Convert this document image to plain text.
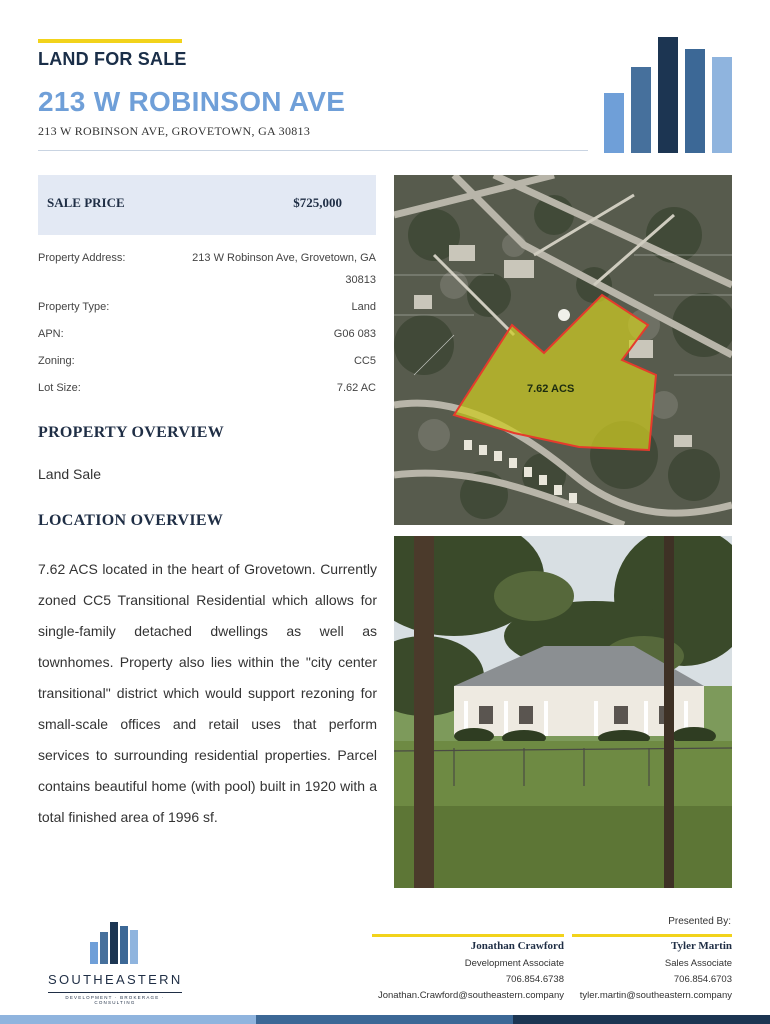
LAND FOR SALE
213 W ROBINSON AVE
213 W ROBINSON AVE, GROVETOWN, GA 30813
SALE PRICE	$725,000
Property Address:	213 W Robinson Ave, Grovetown, GA 30813
Property Type:	Land
APN:	G06 083
Zoning:	CC5
Lot Size:	7.62 AC
PROPERTY OVERVIEW
Land Sale
LOCATION OVERVIEW
7.62 ACS located in the heart of Grovetown. Currently zoned CC5 Transitional Residential which allows for single-family detached dwellings as well as townhomes. Property also lies within the "city center transitional" district which would support rezoning for small-scale offices and retail uses that perform services to surrounding residential properties. Parcel contains beautiful home (with pool) built in 1920 with a total finished area of 1996 sf.
7.62 ACS
Presented By:
Jonathan Crawford
Development Associate
706.854.6738
Jonathan.Crawford@southeastern.company
Tyler Martin
Sales Associate
706.854.6703
tyler.martin@southeastern.company
SOUTHEASTERN
DEVELOPMENT · BROKERAGE · CONSULTING
